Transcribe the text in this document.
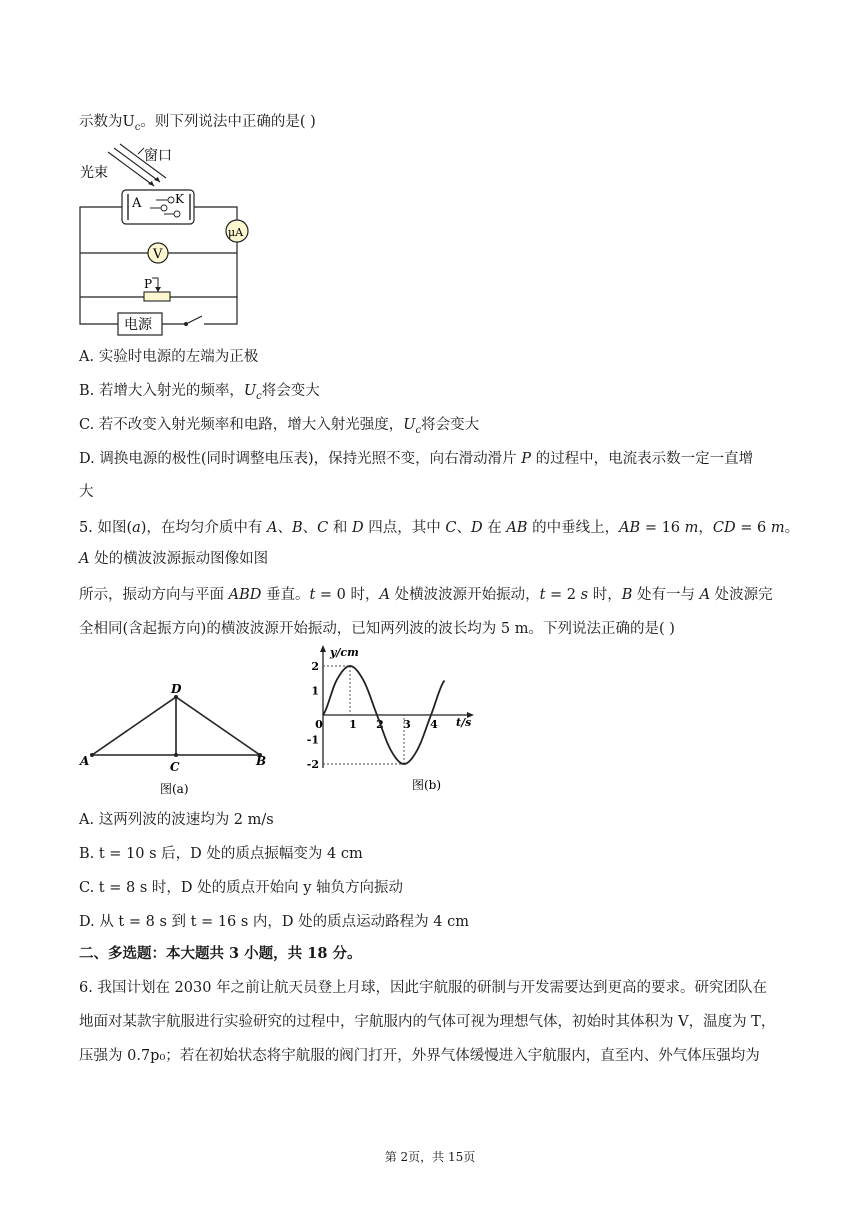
示数为$U_c$。则下列说法中正确的是( )
光束
窗口
A	K
μA
V
P
电源
A. 实验时电源的左端为正极
B. 若增大入射光的频率，$U_c$将会变大
C. 若不改变入射光频率和电路，增大入射光强度，$U_c$将会变大
D. 调换电源的极性(同时调整电压表)，保持光照不变，向右滑动滑片 P 的过程中，电流表示数一定一直增
大
5. 如图(a)，在均匀介质中有 A、B、C 和 D 四点，其中 C、D 在 AB 的中垂线上，AB = 16 m，CD = 6 m。
A 处的横波波源振动图像如图
所示，振动方向与平面 ABD 垂直。t = 0 时，A 处横波波源开始振动，t = 2 s 时，B 处有一与 A 处波源完
全相同(含起振方向)的横波波源开始振动，已知两列波的波长均为 5 m。下列说法正确的是( )
A	B
C
D
图(a)
y/cm
t/s
2
1
-1
-2
0 1 2 3 4
图(b)
A. 这两列波的波速均为 2 m/s
B. t = 10 s 后，D 处的质点振幅变为 4 cm
C. t = 8 s 时，D 处的质点开始向 y 轴负方向振动
D. 从 t = 8 s 到 t = 16 s 内，D 处的质点运动路程为 4 cm
二、多选题：本大题共 3 小题，共 18 分。
6. 我国计划在 2030 年之前让航天员登上月球，因此宇航服的研制与开发需要达到更高的要求。研究团队在
地面对某款宇航服进行实验研究的过程中，宇航服内的气体可视为理想气体，初始时其体积为 V，温度为 T，
压强为 0.7p₀；若在初始状态将宇航服的阀门打开，外界气体缓慢进入宇航服内，直至内、外气体压强均为
第 2页，共 15页
